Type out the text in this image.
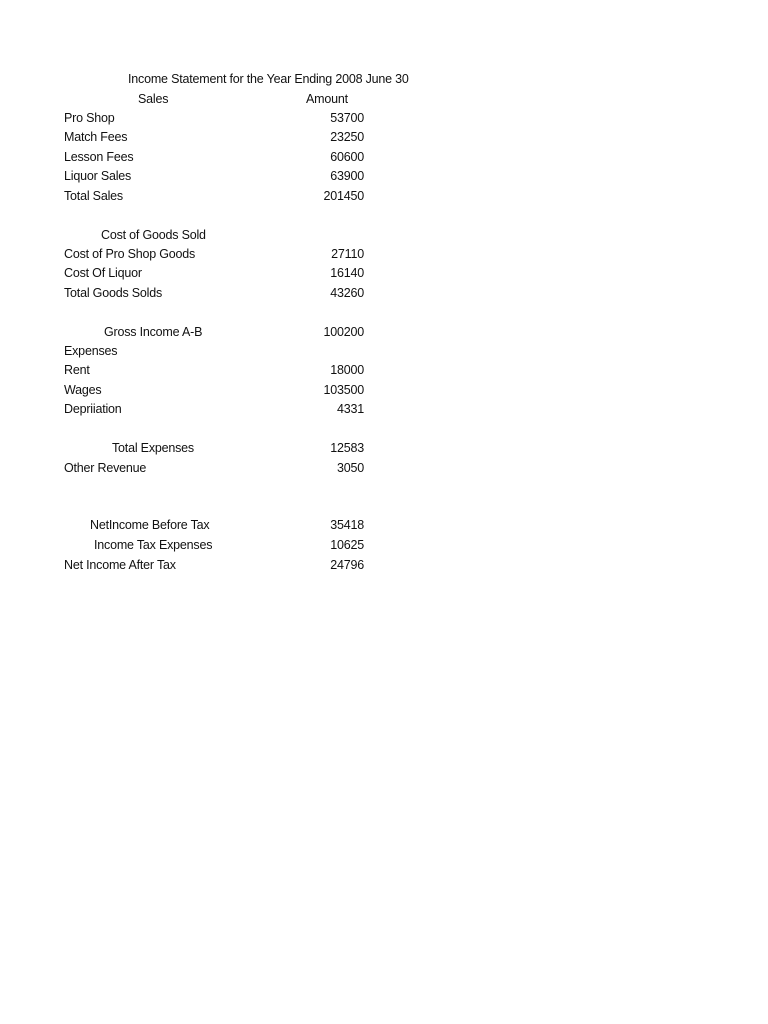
Income Statement for the Year Ending 2008 June 30
Sales	Amount
Pro Shop	53700
Match Fees	23250
Lesson Fees	60600
Liquor Sales	63900
Total Sales	201450
Cost of Goods Sold
Cost of Pro Shop Goods	27110
Cost Of Liquor	16140
Total Goods Solds	43260
Gross Income A-B	100200
Expenses
Rent	18000
Wages	103500
Depriiation	4331
Total Expenses	12583
Other Revenue	3050
NetIncome Before Tax	35418
Income Tax Expenses	10625
Net Income After Tax	24796
